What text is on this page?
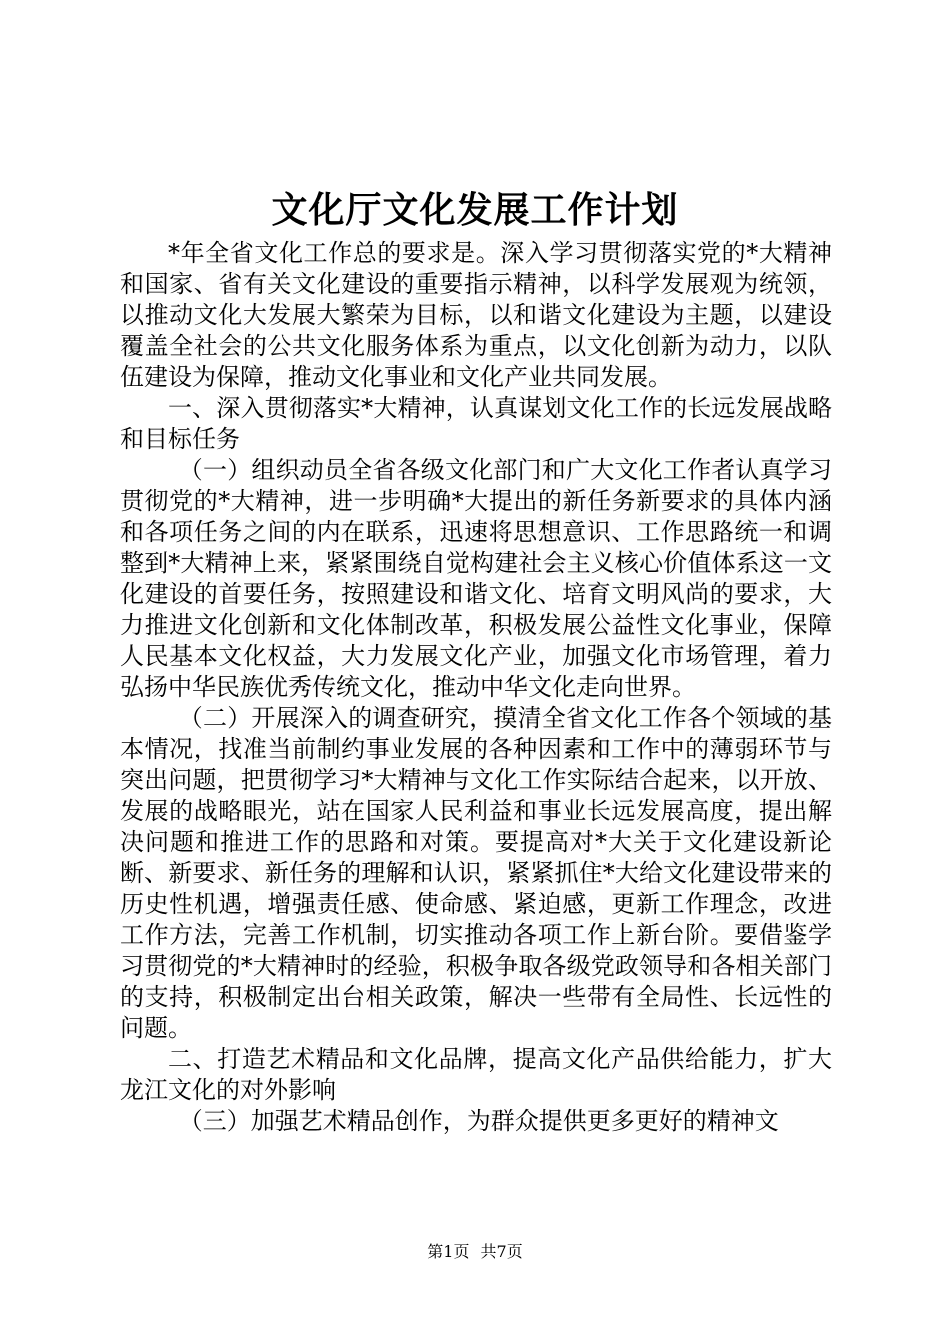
文化厅文化发展工作计划

*年全省文化工作总的要求是。深入学习贯彻落实党的*大精神和国家、省有关文化建设的重要指示精神，以科学发展观为统领，以推动文化大发展大繁荣为目标，以和谐文化建设为主题，以建设覆盖全社会的公共文化服务体系为重点，以文化创新为动力，以队伍建设为保障，推动文化事业和文化产业共同发展。

一、深入贯彻落实*大精神，认真谋划文化工作的长远发展战略和目标任务

（一）组织动员全省各级文化部门和广大文化工作者认真学习贯彻党的*大精神，进一步明确*大提出的新任务新要求的具体内涵和各项任务之间的内在联系，迅速将思想意识、工作思路统一和调整到*大精神上来，紧紧围绕自觉构建社会主义核心价值体系这一文化建设的首要任务，按照建设和谐文化、培育文明风尚的要求，大力推进文化创新和文化体制改革，积极发展公益性文化事业，保障人民基本文化权益，大力发展文化产业，加强文化市场管理，着力弘扬中华民族优秀传统文化，推动中华文化走向世界。

（二）开展深入的调查研究，摸清全省文化工作各个领域的基本情况，找准当前制约事业发展的各种因素和工作中的薄弱环节与突出问题，把贯彻学习*大精神与文化工作实际结合起来，以开放、发展的战略眼光，站在国家人民利益和事业长远发展高度，提出解决问题和推进工作的思路和对策。要提高对*大关于文化建设新论断、新要求、新任务的理解和认识，紧紧抓住*大给文化建设带来的历史性机遇，增强责任感、使命感、紧迫感，更新工作理念，改进工作方法，完善工作机制，切实推动各项工作上新台阶。要借鉴学习贯彻党的*大精神时的经验，积极争取各级党政领导和各相关部门的支持，积极制定出台相关政策，解决一些带有全局性、长远性的问题。

二、打造艺术精品和文化品牌，提高文化产品供给能力，扩大龙江文化的对外影响

（三）加强艺术精品创作，为群众提供更多更好的精神文

第1页 共7页
